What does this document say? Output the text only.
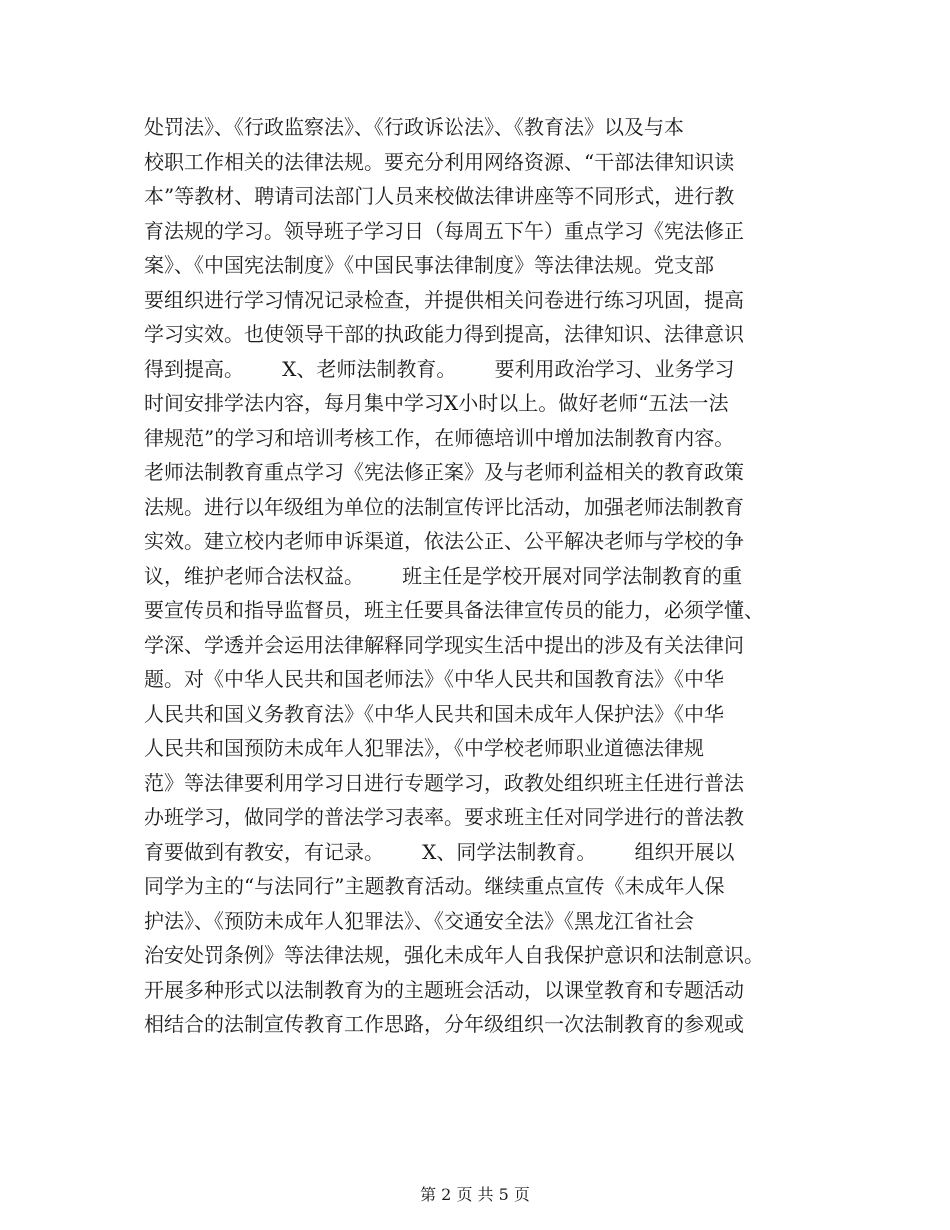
处罚法》、《行政监察法》、《行政诉讼法》、《教育法》以及与本
校职工作相关的法律法规。要充分利用网络资源、“干部法律知识读
本”等教材、聘请司法部门人员来校做法律讲座等不同形式，进行教
育法规的学习。领导班子学习日（每周五下午）重点学习《宪法修正
案》、《中国宪法制度》《中国民事法律制度》等法律法规。党支部
要组织进行学习情况记录检查，并提供相关问卷进行练习巩固，提高
学习实效。也使领导干部的执政能力得到提高，法律知识、法律意识
得到提高。      X、老师法制教育。      要利用政治学习、业务学习
时间安排学法内容，每月集中学习X小时以上。做好老师“五法一法
律规范”的学习和培训考核工作，在师德培训中增加法制教育内容。
老师法制教育重点学习《宪法修正案》及与老师利益相关的教育政策
法规。进行以年级组为单位的法制宣传评比活动，加强老师法制教育
实效。建立校内老师申诉渠道，依法公正、公平解决老师与学校的争
议，维护老师合法权益。      班主任是学校开展对同学法制教育的重
要宣传员和指导监督员，班主任要具备法律宣传员的能力，必须学懂、
学深、学透并会运用法律解释同学现实生活中提出的涉及有关法律问
题。对《中华人民共和国老师法》《中华人民共和国教育法》《中华
人民共和国义务教育法》《中华人民共和国未成年人保护法》《中华
人民共和国预防未成年人犯罪法》，《中学校老师职业道德法律规
范》等法律要利用学习日进行专题学习，政教处组织班主任进行普法
办班学习，做同学的普法学习表率。要求班主任对同学进行的普法教
育要做到有教安，有记录。      X、同学法制教育。      组织开展以
同学为主的“与法同行”主题教育活动。继续重点宣传《未成年人保
护法》、《预防未成年人犯罪法》、《交通安全法》《黑龙江省社会
治安处罚条例》等法律法规，强化未成年人自我保护意识和法制意识。
开展多种形式以法制教育为的主题班会活动，以课堂教育和专题活动
相结合的法制宣传教育工作思路，分年级组织一次法制教育的参观或
第 2 页 共 5 页
